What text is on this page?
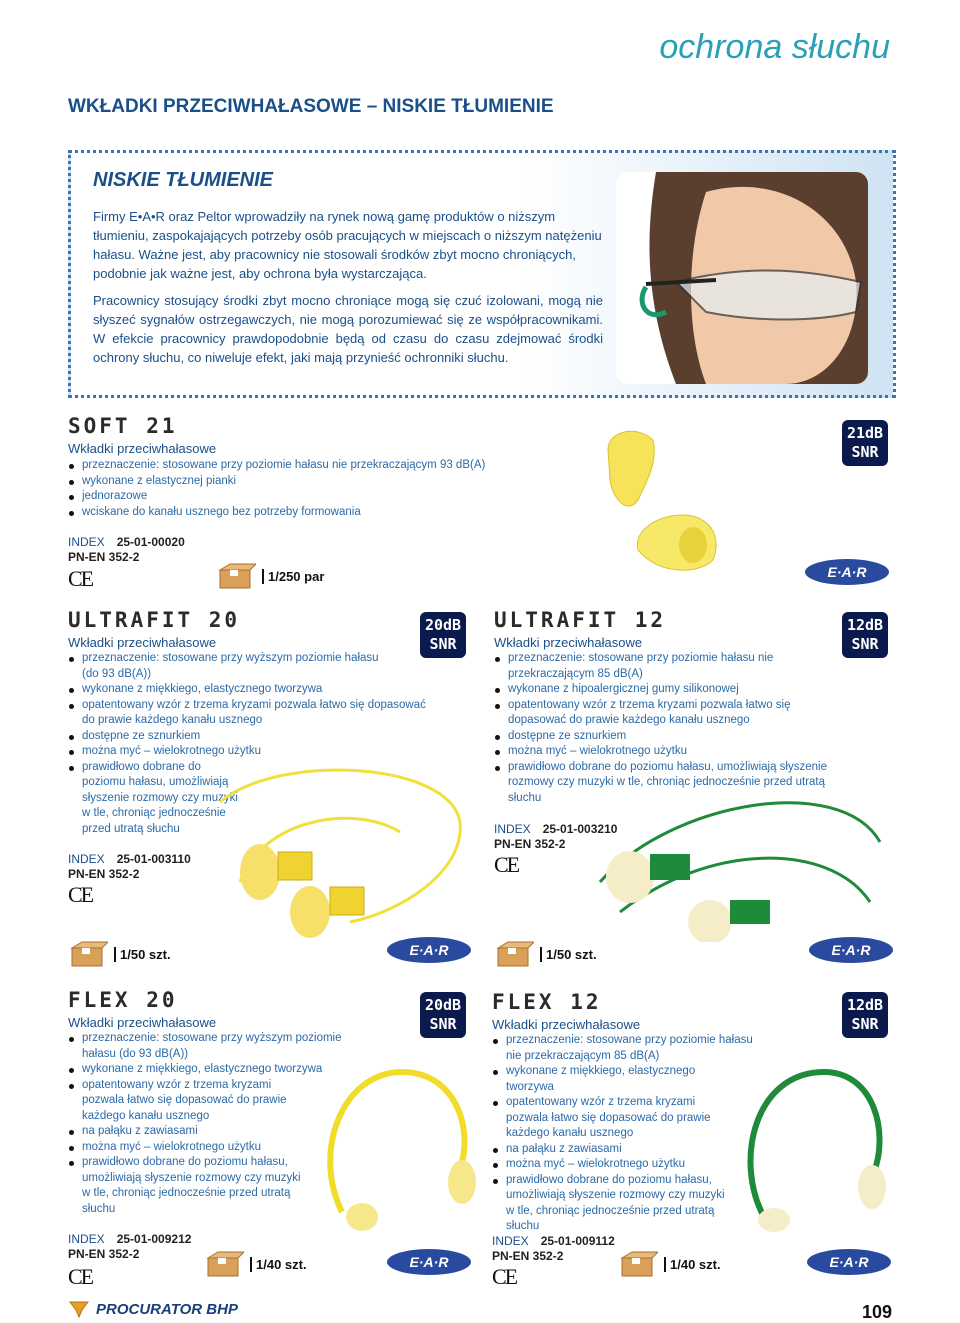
ochrona słuchu
WKŁADKI PRZECIWHAŁASOWE – NISKIE TŁUMIENIE
NISKIE TŁUMIENIE

Firmy E•A•R oraz Peltor wprowadziły na rynek nową gamę produktów o niższym tłumieniu, zaspokajających potrzeby osób pracujących w miejscach o niższym natężeniu hałasu. Ważne jest, aby pracownicy nie stosowali środków zbyt mocno chroniących, podobnie jak ważne jest, aby ochrona była wystarczająca.

Pracownicy stosujący środki zbyt mocno chroniące mogą się czuć izolowani, mogą nie słyszeć sygnałów ostrzegawczych, nie mogą porozumiewać się ze współpracownikami. W efekcie pracownicy prawdopodobnie będą od czasu do czasu zdejmować środki ochrony słuchu, co niweluje efekt, jaki mają przynieść ochronniki słuchu.

SOFT 21
Wkładki przeciwhałasowe
przeznaczenie: stosowane przy poziomie hałasu nie przekraczającym 93 dB(A)
wykonane z elastycznej pianki
jednorazowe
wciskane do kanału usznego bez potrzeby formowania
21dB
SNR
INDEX 25-01-00020
PN-EN 352-2
CE	1/250 par	E·A·R
ULTRAFIT 20
Wkładki przeciwhałasowe
przeznaczenie: stosowane przy wyższym poziomie hałasu (do 93 dB(A))
wykonane z miękkiego, elastycznego tworzywa
opatentowany wzór z trzema kryzami pozwala łatwo się dopasować do prawie każdego kanału usznego
dostępne ze sznurkiem
można myć – wielokrotnego użytku
prawidłowo dobrane do poziomu hałasu, umożliwiają słyszenie rozmowy czy muzyki w tle, chroniąc jednocześnie przed utratą słuchu
20dB
SNR
INDEX 25-01-003110
PN-EN 352-2
CE
1/50 szt.	E·A·R
ULTRAFIT 12
Wkładki przeciwhałasowe
przeznaczenie: stosowane przy poziomie hałasu nie przekraczającym 85 dB(A)
wykonane z hipoalergicznej gumy silikonowej
opatentowany wzór z trzema kryzami pozwala łatwo się dopasować do prawie każdego kanału usznego
dostępne ze sznurkiem
można myć – wielokrotnego użytku
prawidłowo dobrane do poziomu hałasu, umożliwiają słyszenie rozmowy czy muzyki w tle, chroniąc jednocześnie przed utratą słuchu
12dB
SNR
INDEX 25-01-003210
PN-EN 352-2
CE
1/50 szt.	E·A·R
FLEX 20
Wkładki przeciwhałasowe
przeznaczenie: stosowane przy wyższym poziomie hałasu (do 93 dB(A))
wykonane z miękkiego, elastycznego tworzywa
opatentowany wzór z trzema kryzami pozwala łatwo się dopasować do prawie każdego kanału usznego
na pałąku z zawiasami
można myć – wielokrotnego użytku
prawidłowo dobrane do poziomu hałasu, umożliwiają słyszenie rozmowy czy muzyki w tle, chroniąc jednocześnie przed utratą słuchu
20dB
SNR
INDEX 25-01-009212
PN-EN 352-2
CE	1/40 szt.	E·A·R
FLEX 12
Wkładki przeciwhałasowe
przeznaczenie: stosowane przy poziomie hałasu nie przekraczającym 85 dB(A)
wykonane z miękkiego, elastycznego tworzywa
opatentowany wzór z trzema kryzami pozwala łatwo się dopasować do prawie każdego kanału usznego
na pałąku z zawiasami
można myć – wielokrotnego użytku
prawidłowo dobrane do poziomu hałasu, umożliwiają słyszenie rozmowy czy muzyki w tle, chroniąc jednocześnie przed utratą słuchu
12dB
SNR
INDEX 25-01-009112
PN-EN 352-2
CE	1/40 szt.	E·A·R
PROCURATOR BHP	109
